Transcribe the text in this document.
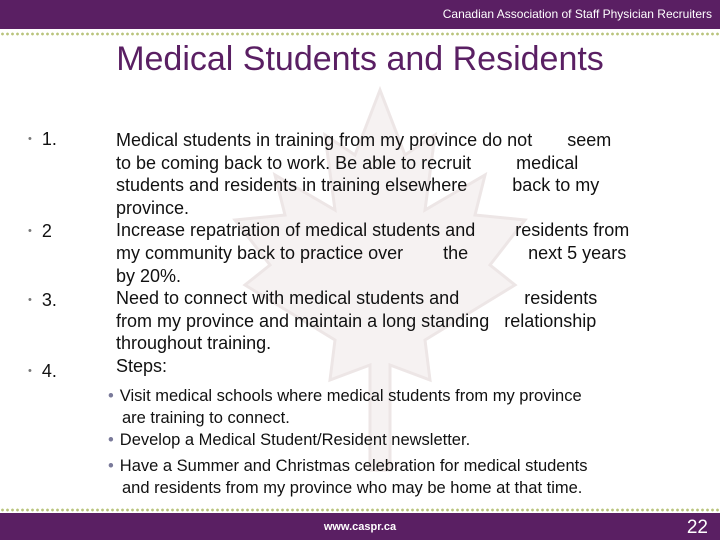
Canadian Association of Staff Physician Recruiters
Medical Students and Residents
• 1.
• 2
• 3.
• 4.

Medical students in training from my province do not       seem

to be coming back to work. Be able to recruit         medical

students and residents in training elsewhere         back to my

province.

Increase repatriation of medical students and        residents from

my community back to practice over        the            next 5 years

by 20%.

Need to connect with medical students and             residents

from my province and maintain a long standing   relationship

throughout training.

Steps:

• Visit medical schools where medical students from my province
are training to connect.
• Develop a Medical Student/Resident newsletter.
• Have a Summer and Christmas celebration for medical students
and residents from my province who may be home at that time.
www.caspr.ca	22
